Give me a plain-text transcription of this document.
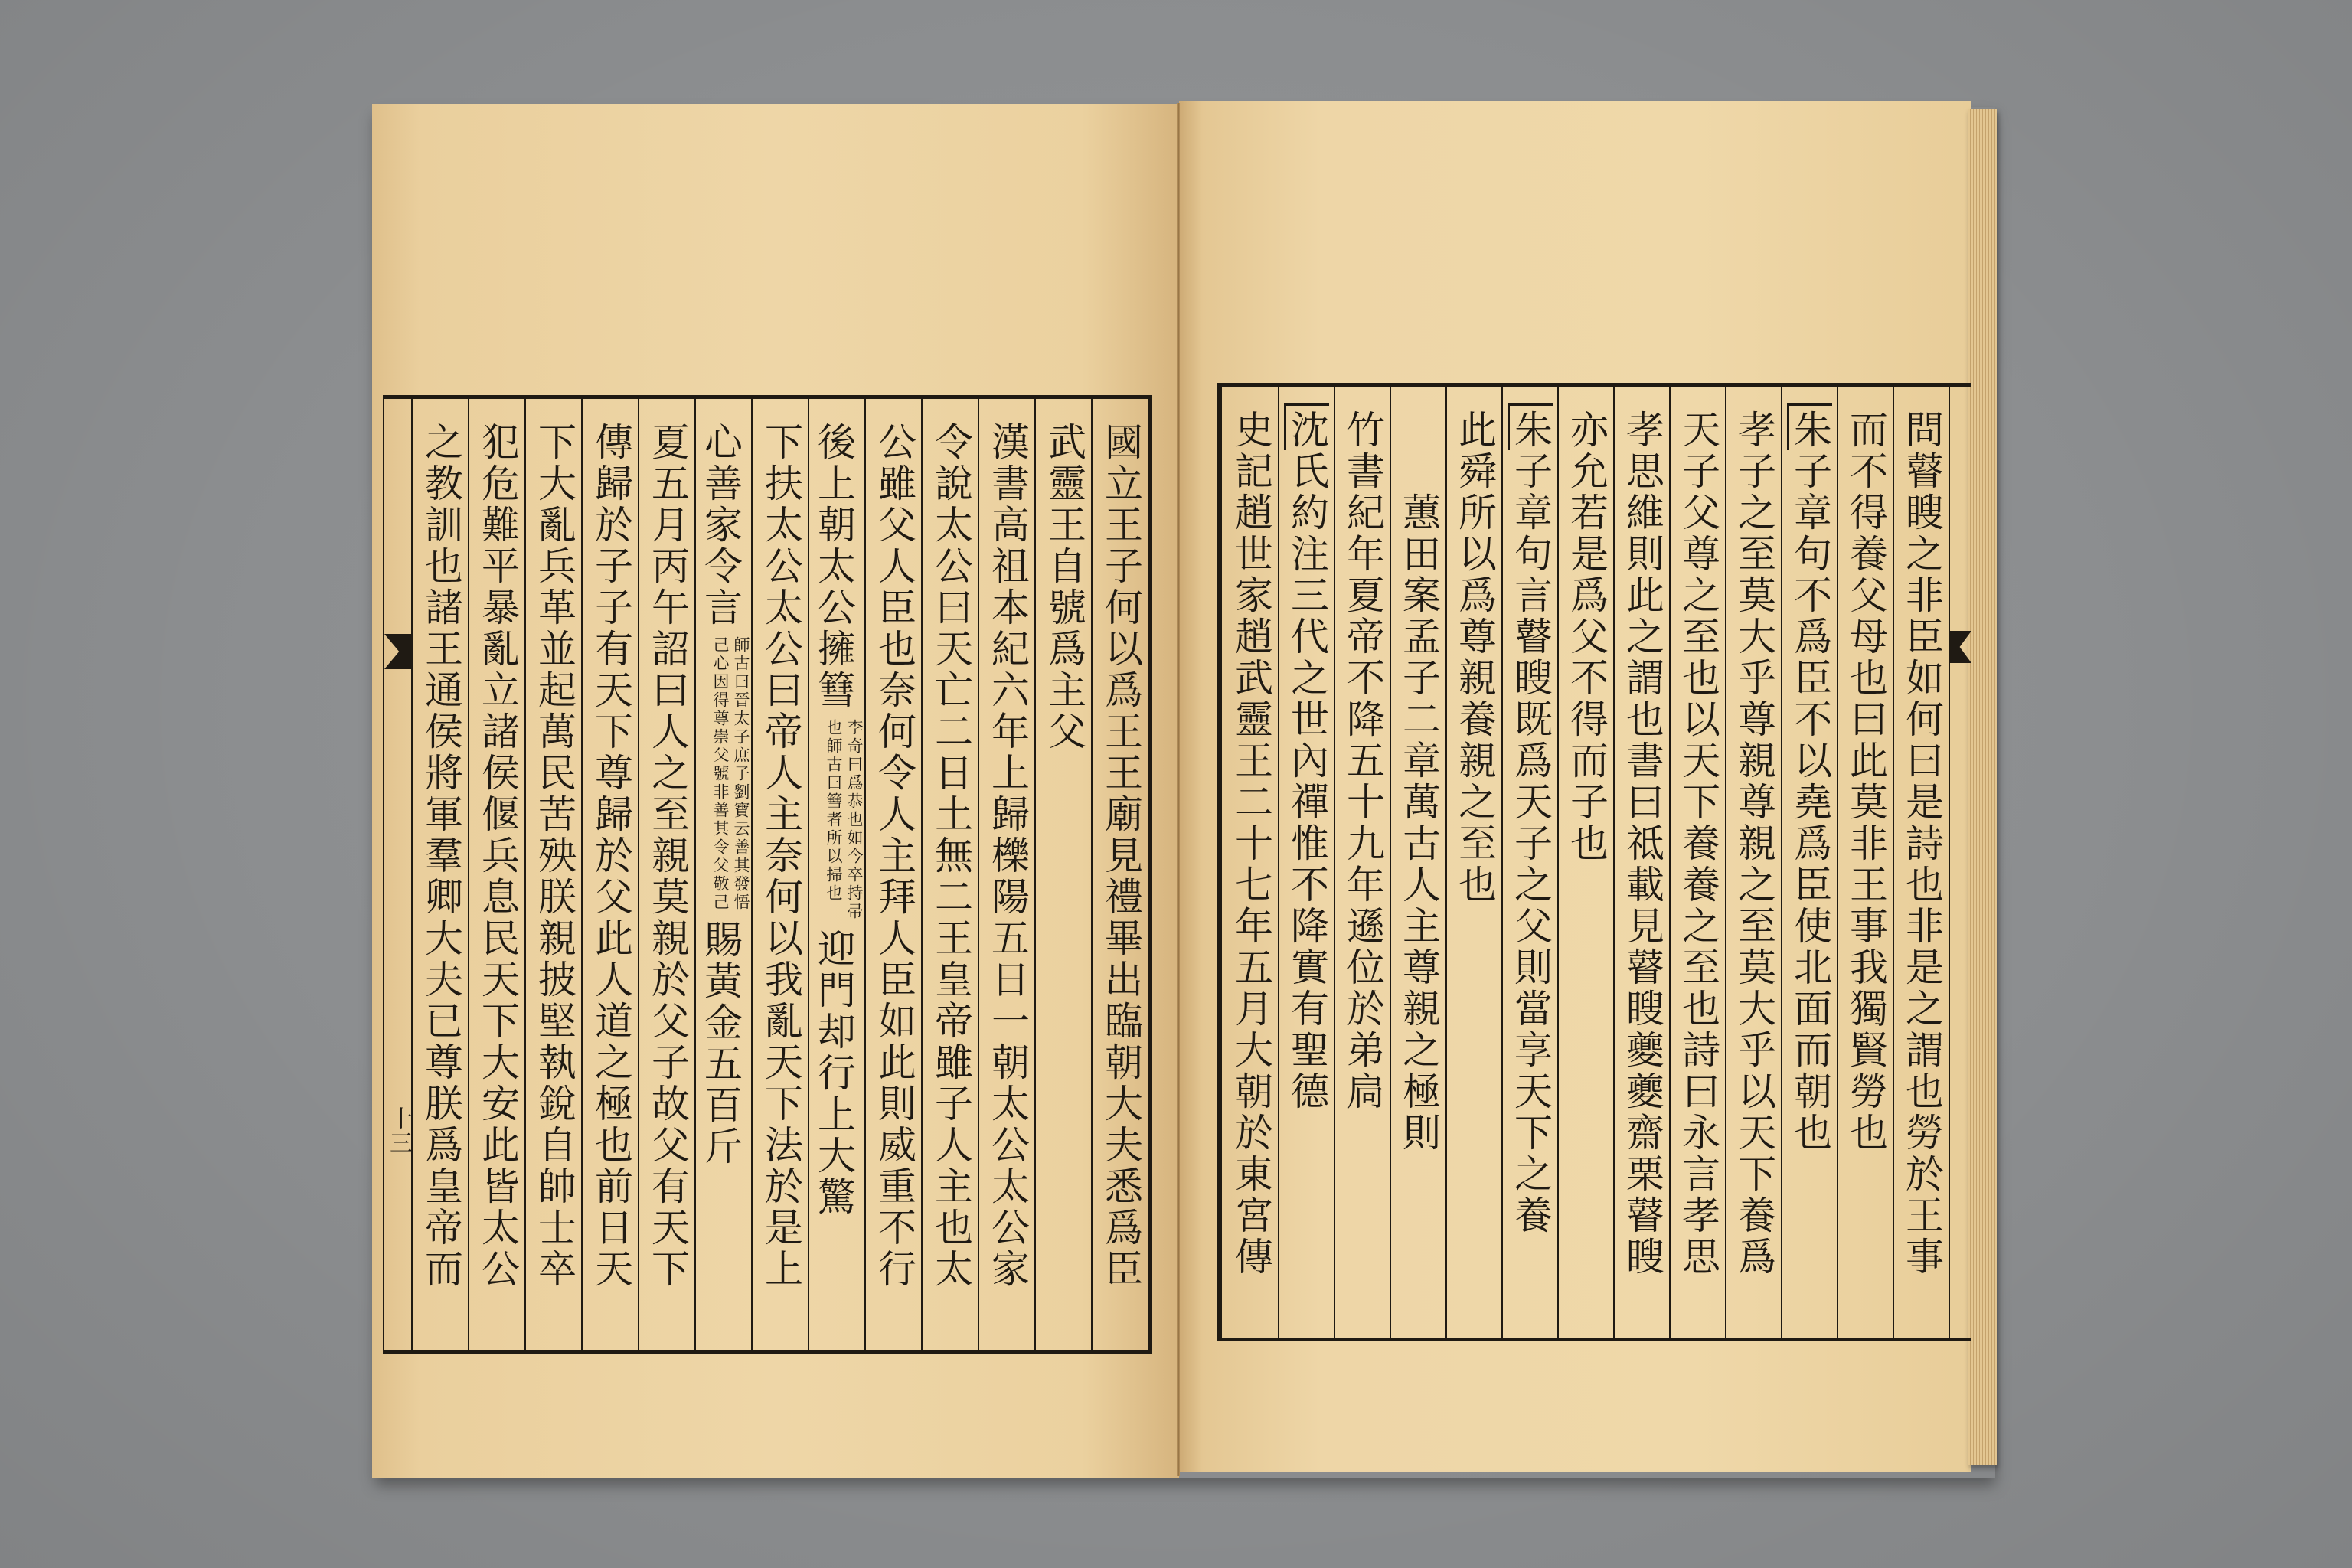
十三	國立王子何以爲王王廟見禮畢出臨朝大夫悉爲臣
武靈王自號爲主父
漢書高祖本紀六年上歸櫟陽五日一朝太公太公家
令說太公曰天亡二日土無二王皇帝雖子人主也太
公雖父人臣也奈何令人主拜人臣如此則威重不行
後上朝太公擁篲
李奇曰爲恭也如今卒持帚
也師古曰篲者所以掃也
迎門却行上大驚
下扶太公太公曰帝人主奈何以我亂天下法於是上
心善家令言
師古曰晉太子庶子劉寶云善其發悟
己心因得尊崇父號非善其令父敬己
賜黃金五百斤
夏五月丙午詔曰人之至親莫親於父子故父有天下
傳歸於子子有天下尊歸於父此人道之極也前日天
下大亂兵革並起萬民苦殃朕親披堅執銳自帥士卒
犯危難平暴亂立諸侯偃兵息民天下大安此皆太公
之教訓也諸王通侯將軍羣卿大夫已尊朕爲皇帝而	問瞽瞍之非臣如何曰是詩也非是之謂也勞於王事
而不得養父母也曰此莫非王事我獨賢勞也
朱子章句不爲臣不以堯爲臣使北面而朝也
孝子之至莫大乎尊親尊親之至莫大乎以天下養爲
天子父尊之至也以天下養養之至也詩曰永言孝思
孝思維則此之謂也書曰祗載見瞽瞍夔夔齋栗瞽瞍
亦允若是爲父不得而子也
朱子章句言瞽瞍既爲天子之父則當享天下之養
此舜所以爲尊親養親之至也
蕙田案孟子二章萬古人主尊親之極則
竹書紀年夏帝不降五十九年遜位於弟扃
沈氏約注三代之世內禪惟不降實有聖德
史記趙世家趙武靈王二十七年五月大朝於東宮傳
